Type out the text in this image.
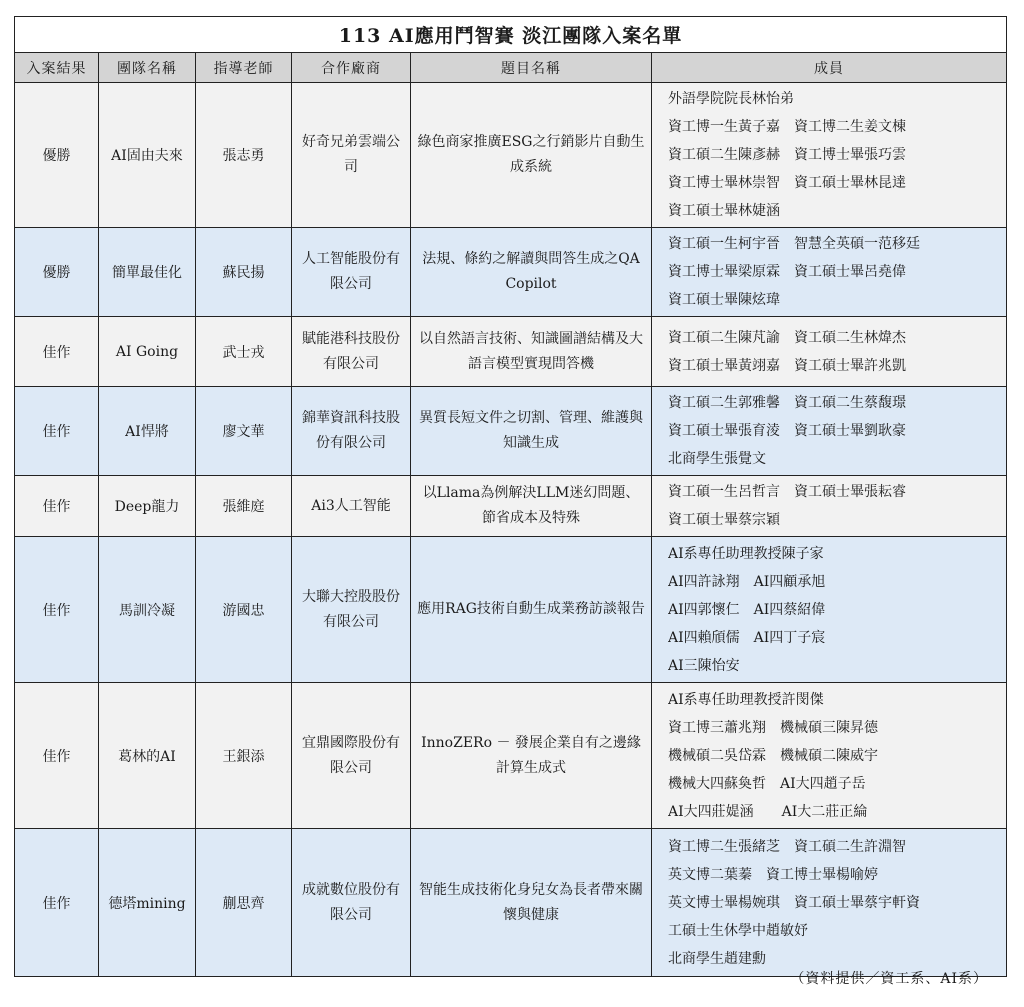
113 AI應用鬥智賽 淡江團隊入案名單					
入案結果	團隊名稱	指導老師	合作廠商	題目名稱	成員
優勝	AI固由夫來	張志勇	好奇兄弟雲端公司	綠色商家推廣ESG之行銷影片自動生成系統	外語學院院長林怡弟
資工博一生黃子嘉　資工博二生姜文棟
資工碩二生陳彥赫　資工博士畢張巧雲
資工博士畢林崇智　資工碩士畢林昆達
資工碩士畢林婕涵

優勝	簡單最佳化	蘇民揚	人工智能股份有限公司	法規、條約之解讀與問答生成之QA Copilot	資工碩一生柯宇晉　智慧全英碩一范移廷
資工博士畢梁原霖　資工碩士畢呂堯偉
資工碩士畢陳炫瑋

佳作	AI Going	武士戎	賦能港科技股份有限公司	以自然語言技術、知識圖譜結構及大語言模型實現問答機	資工碩二生陳芃諭　資工碩二生林煒杰
資工碩士畢黃翊嘉　資工碩士畢許兆凱

佳作	AI悍將	廖文華	錦華資訊科技股份有限公司	異質長短文件之切割、管理、維護與知識生成	資工碩二生郭雅馨　資工碩二生蔡馥璟
資工碩士畢張育淩　資工碩士畢劉耿豪
北商學生張覺文

佳作	Deep龍力	張維庭	Ai3人工智能	以Llama為例解決LLM迷幻問題、節省成本及特殊	資工碩一生呂哲言　資工碩士畢張耘睿
資工碩士畢蔡宗穎

佳作	馬訓冷凝	游國忠	大聯大控股股份有限公司	應用RAG技術自動生成業務訪談報告	AI系專任助理教授陳子家
AI四許詠翔　AI四顧承旭
AI四郭懷仁　AI四蔡紹偉
AI四賴頎儒　AI四丁子宸
AI三陳怡安

佳作	葛林的AI	王銀添	宜鼎國際股份有限公司	InnoZERo － 發展企業自有之邊緣計算生成式	AI系專任助理教授許閔傑
資工博三蕭兆翔　機械碩三陳昇德
機械碩二吳岱霖　機械碩二陳威宇
機械大四蘇奐哲　AI大四趙子岳
AI大四莊媞涵　　AI大二莊正綸

佳作	德塔mining	蒯思齊	成就數位股份有限公司	智能生成技術化身兒女為長者帶來關懷與健康	資工博二生張緒芝　資工碩二生許淵智
英文博二葉蓁　資工博士畢楊喻婷
英文博士畢楊婉琪　資工碩士畢蔡宇軒資
工碩士生休學中趙敏妤
北商學生趙建勳
（資料提供／資工系、AI系）
